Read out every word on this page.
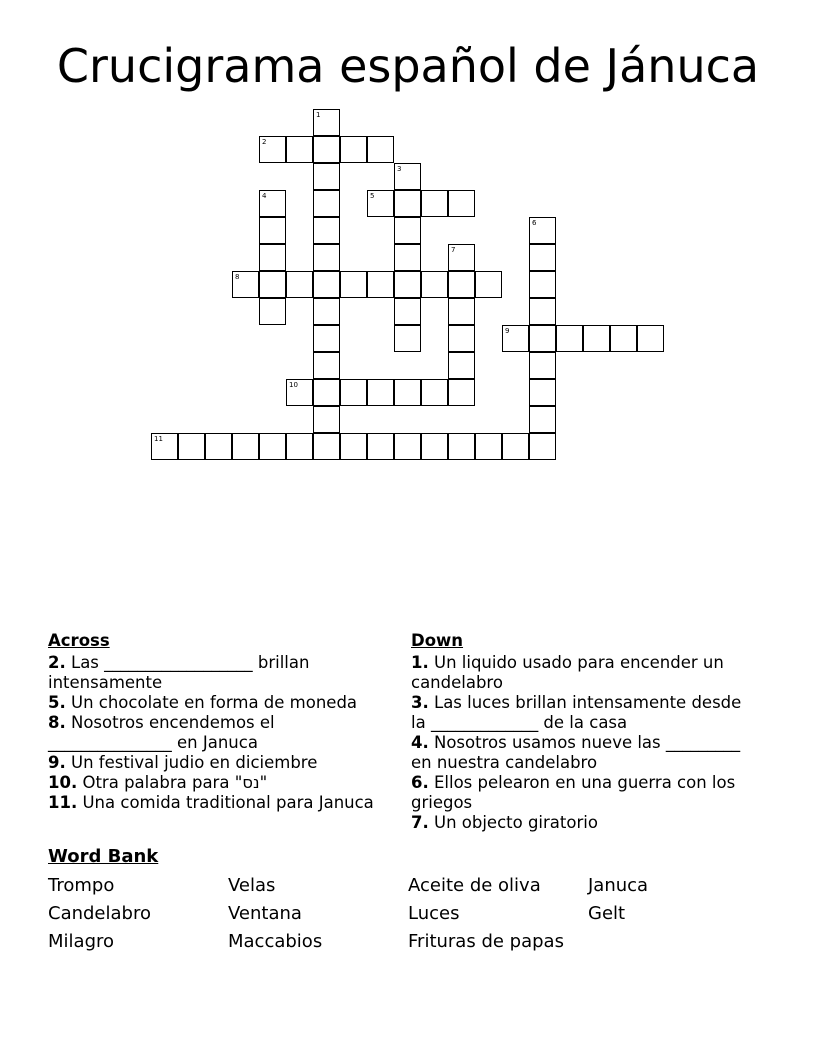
Crucigrama español de Jánuca
1
2
3
4	5
6
7
8
9
10
11
Across
2. Las __________________ brillan intensamente
5. Un chocolate en forma de moneda
8. Nosotros encendemos el _______________ en Januca
9. Un festival judio en diciembre
10. Otra palabra para "נס"
11. Una comida traditional para Januca
Down
1. Un liquido usado para encender un candelabro
3. Las luces brillan intensamente desde la _____________ de la casa
4. Nosotros usamos nueve las _________ en nuestra candelabro
6. Ellos pelearon en una guerra con los griegos
7. Un objecto giratorio
Word Bank
Trompo	Velas	Aceite de oliva	Januca
Candelabro	Ventana	Luces	Gelt
Milagro	Maccabios	Frituras de papas
